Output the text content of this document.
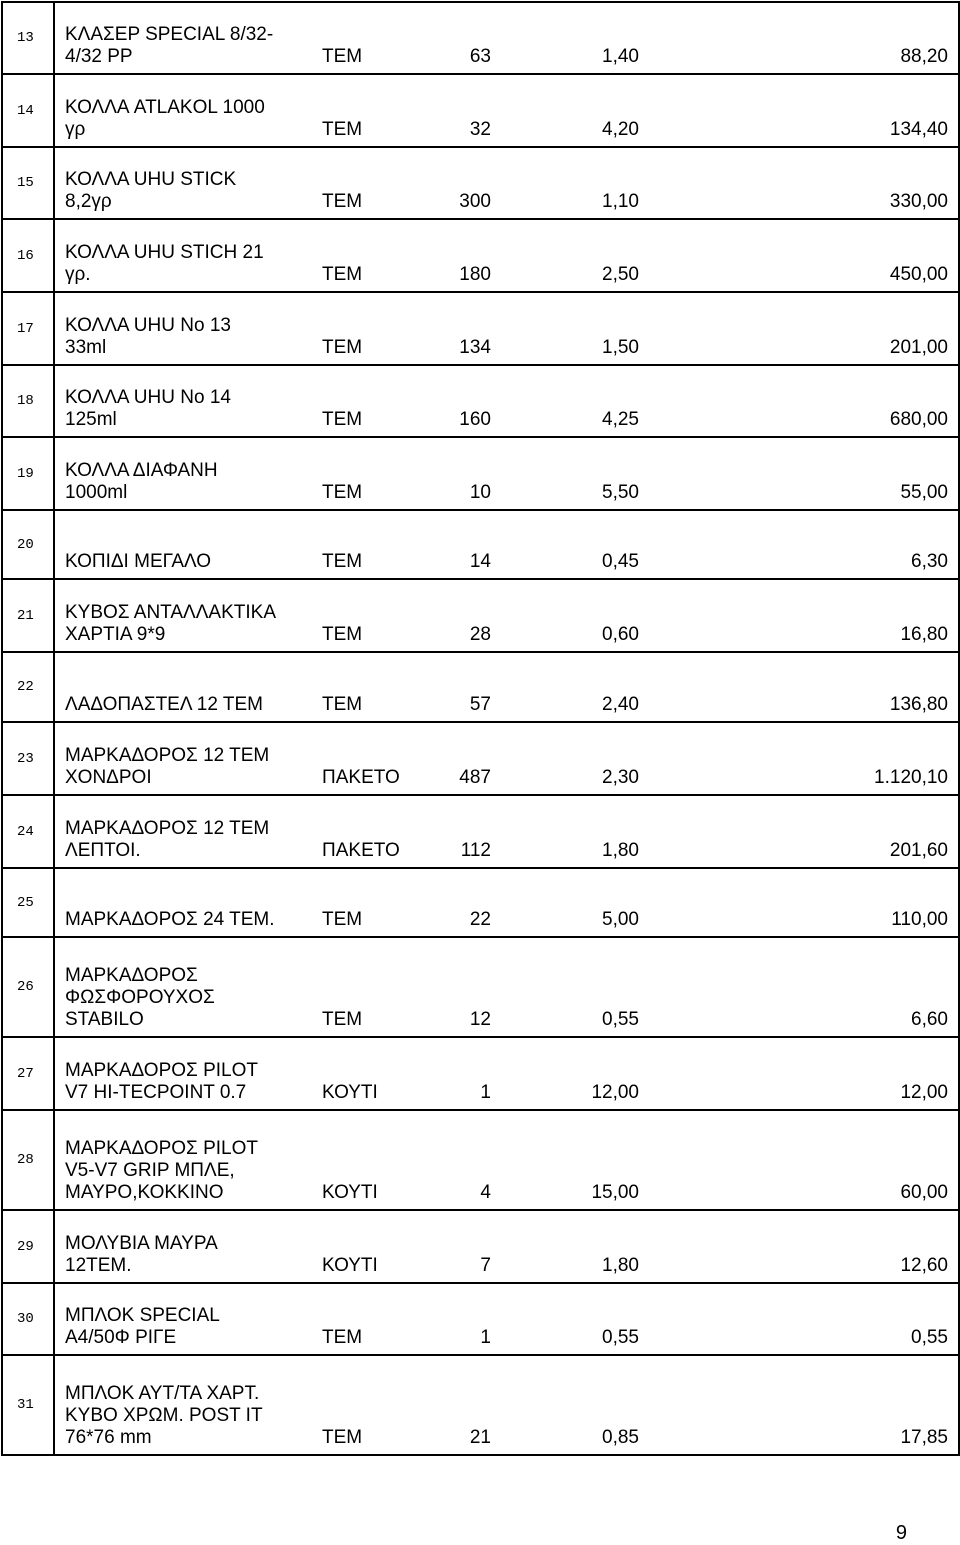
13	ΚΛΑΣΕΡ SPECIAL 8/32-
4/32 PP	ΤΕΜ	63	1,40	88,20
14	ΚΟΛΛΑ ATLAKOL 1000
γρ	ΤΕΜ	32	4,20	134,40
15	ΚΟΛΛΑ UHU STICK
8,2γρ	ΤΕΜ	300	1,10	330,00
16	ΚΟΛΛΑ UHU STICH 21
γρ.	ΤΕΜ	180	2,50	450,00
17	ΚΟΛΛΑ UHU No 13
33ml	ΤΕΜ	134	1,50	201,00
18	ΚΟΛΛΑ UHU No 14
125ml	ΤΕΜ	160	4,25	680,00
19	ΚΟΛΛΑ ΔΙΑΦΑΝΗ
1000ml	ΤΕΜ	10	5,50	55,00
20	ΚΟΠΙΔΙ ΜΕΓΑΛΟ	ΤΕΜ	14	0,45	6,30
21	ΚΥΒΟΣ ΑΝΤΑΛΛΑΚΤΙΚΑ
ΧΑΡΤΙΑ 9*9	ΤΕΜ	28	0,60	16,80
22	ΛΑΔΟΠΑΣΤΕΛ 12 ΤΕΜ	ΤΕΜ	57	2,40	136,80
23	ΜΑΡΚΑΔΟΡΟΣ 12 ΤΕΜ
ΧΟΝΔΡΟΙ	ΠΑΚΕΤΟ	487	2,30	1.120,10
24	ΜΑΡΚΑΔΟΡΟΣ 12 ΤΕΜ
ΛΕΠΤΟΙ.	ΠΑΚΕΤΟ	112	1,80	201,60
25	ΜΑΡΚΑΔΟΡΟΣ 24 ΤΕΜ.	ΤΕΜ	22	5,00	110,00
26	ΜΑΡΚΑΔΟΡΟΣ
ΦΩΣΦΟΡΟΥΧΟΣ
STABILO	ΤΕΜ	12	0,55	6,60
27	ΜΑΡΚΑΔΟΡΟΣ PILOT
V7 HI-TECPOINT 0.7	ΚΟΥΤΙ	1	12,00	12,00
28	ΜΑΡΚΑΔΟΡΟΣ PILOT
V5-V7 GRIP ΜΠΛΕ,
ΜΑΥΡΟ,ΚΟΚΚΙΝΟ	ΚΟΥΤΙ	4	15,00	60,00
29	ΜΟΛΥΒΙΑ ΜΑΥΡΑ
12ΤΕΜ.	ΚΟΥΤΙ	7	1,80	12,60
30	ΜΠΛΟΚ SPECIAL
A4/50Φ ΡΙΓΕ	ΤΕΜ	1	0,55	0,55
31	ΜΠΛΟΚ ΑΥΤ/ΤΑ ΧΑΡΤ.
ΚΥΒΟ ΧΡΩΜ. POST IT
76*76 mm	ΤΕΜ	21	0,85	17,85
9
